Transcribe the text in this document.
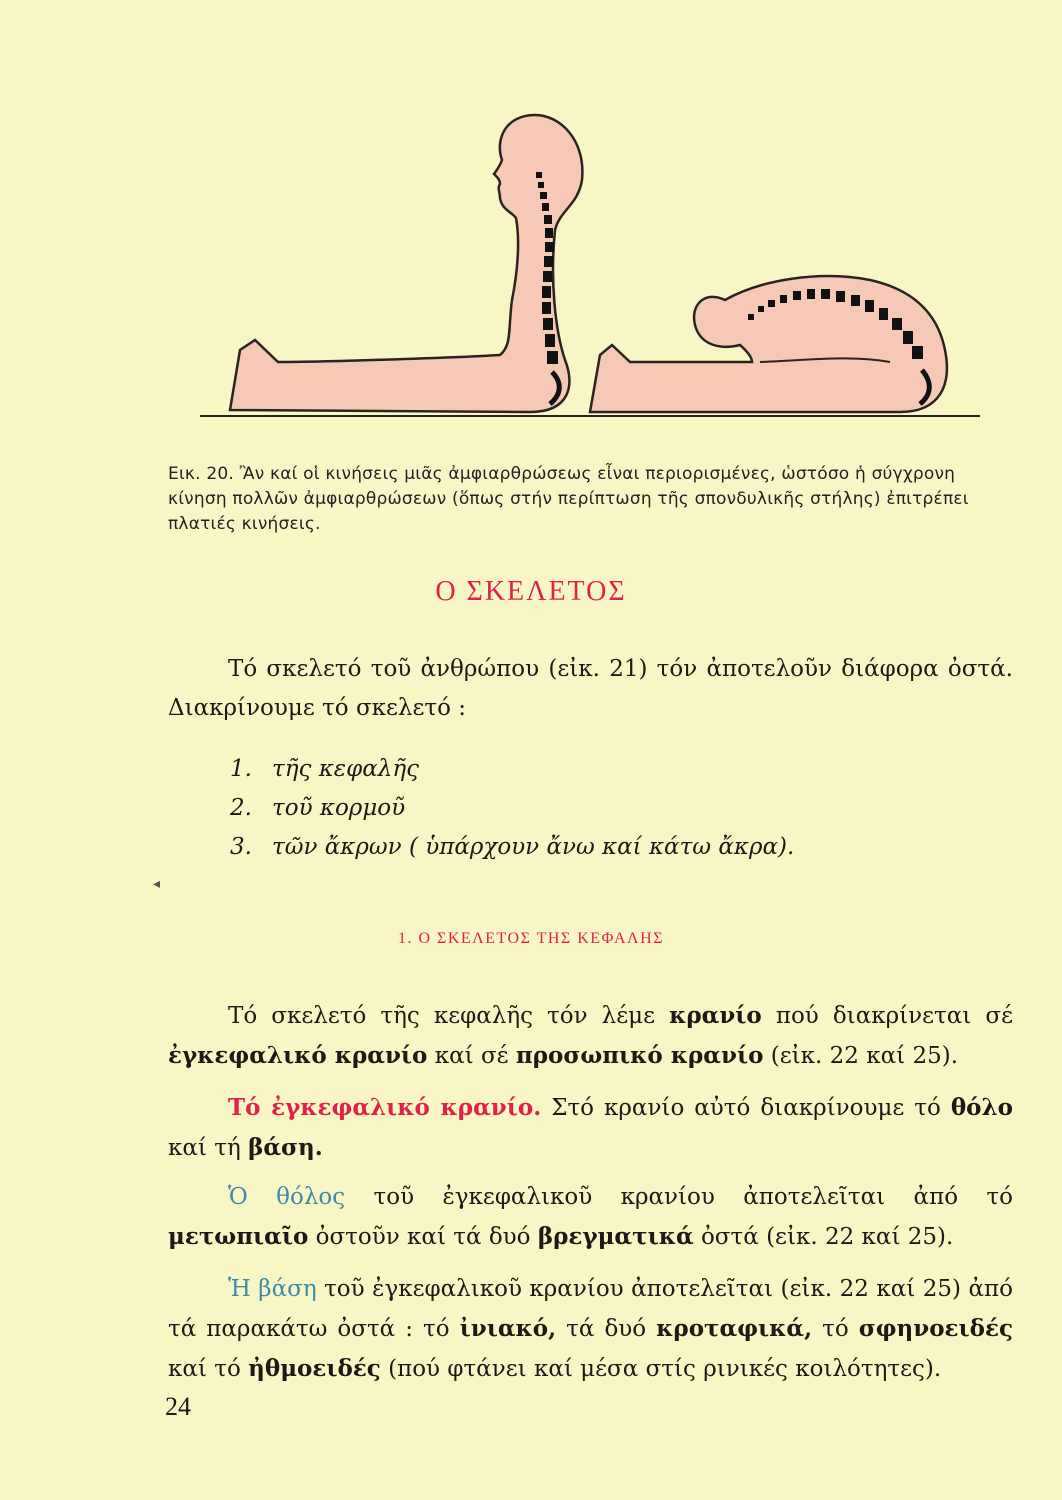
Εικ. 20. Ἂν καί οἱ κινήσεις μιᾶς ἀμφιαρθρώσεως εἶναι περιορισμένες, ὡστόσο ἡ σύγχρονη κίνηση πολλῶν ἀμφιαρθρώσεων (ὅπως στήν περίπτωση τῆς σπονδυλικῆς στήλης) ἐπιτρέπει πλατιές κινήσεις.
Ο ΣΚΕΛΕΤΟΣ
Τό σκελετό τοῦ ἀνθρώπου (εἰκ. 21) τόν ἀποτελοῦν διάφορα ὀστά. Διακρίνουμε τό σκελετό :
1. τῆς κεφαλῆς
2. τοῦ κορμοῦ
3. τῶν ἄκρων ( ὑπάρχουν ἄνω καί κάτω ἄκρα).
◂
1. Ο ΣΚΕΛΕΤΟΣ ΤΗΣ ΚΕΦΑΛΗΣ
Τό σκελετό τῆς κεφαλῆς τόν λέμε κρανίο πού διακρίνεται σέ ἐγκεφαλικό κρανίο καί σέ προσωπικό κρανίο (εἰκ. 22 καί 25).
Τό ἐγκεφαλικό κρανίο. Στό κρανίο αὐτό διακρίνουμε τό θόλο καί τή βάση.
Ὁ θόλος τοῦ ἐγκεφαλικοῦ κρανίου ἀποτελεῖται ἀπό τό μετωπιαῖο ὀστοῦν καί τά δυό βρεγματικά ὀστά (εἰκ. 22 καί 25).
Ἡ βάση τοῦ ἐγκεφαλικοῦ κρανίου ἀποτελεῖται (εἰκ. 22 καί 25) ἀπό τά παρακάτω ὀστά : τό ἰνιακό, τά δυό κροταφικά, τό σφηνοειδές καί τό ἠθμοειδές (πού φτάνει καί μέσα στίς ρινικές κοιλότητες).
24
